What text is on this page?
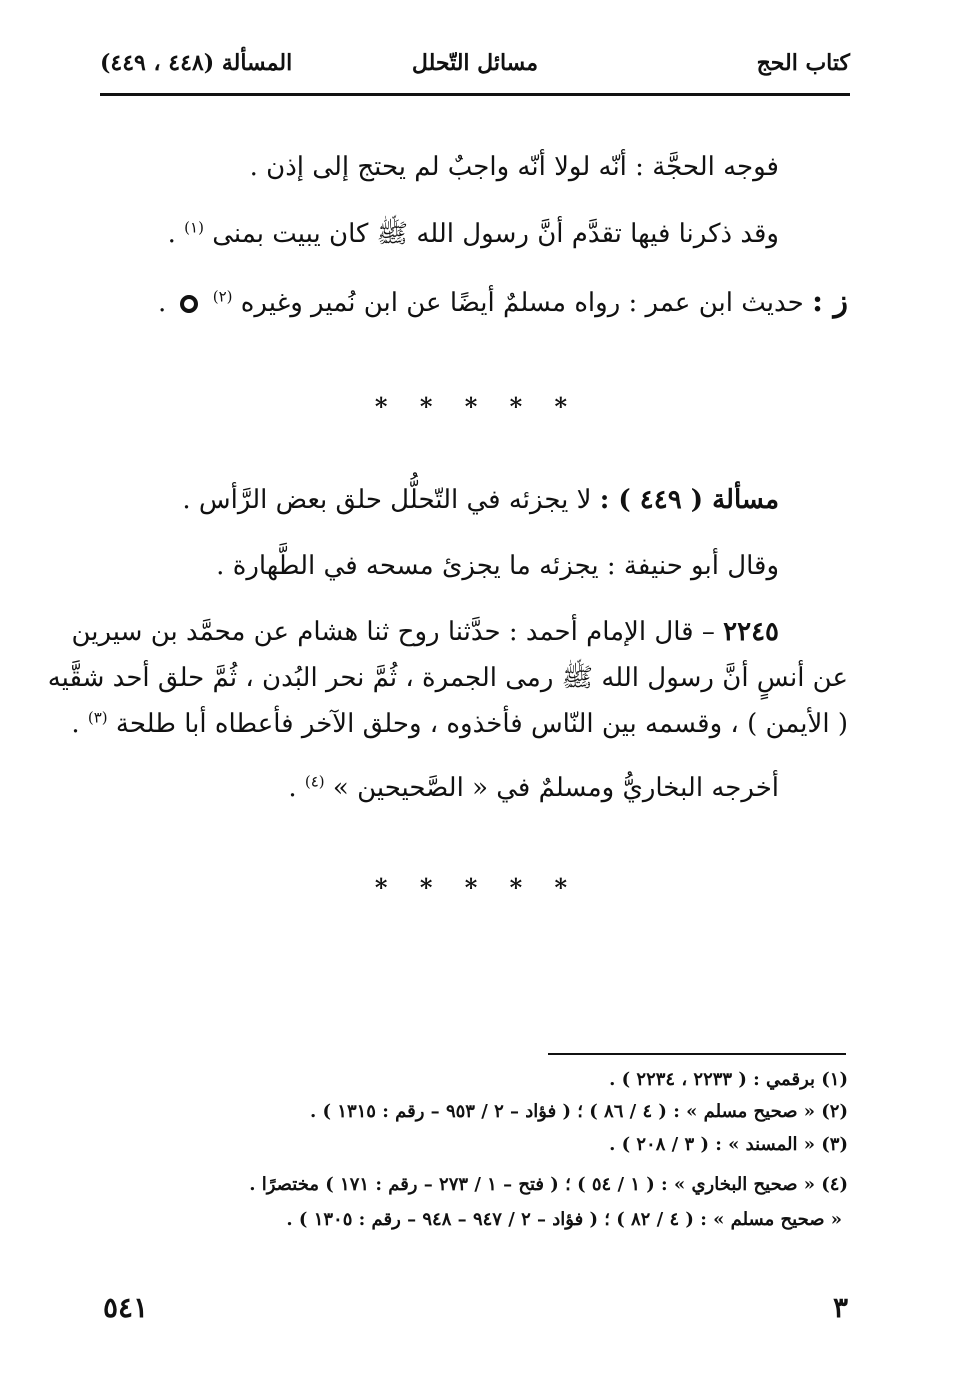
كتاب الحج
مسائل التّحلل
المسألة (٤٤٨ ، ٤٤٩)
فوجه الحجَّة : أنّه لولا أنّه واجبٌ لم يحتج إلى إذن .
وقد ذكرنا فيها تقدَّم أنَّ رسول الله ﷺ كان يبيت بمنى $^{(١)}$ .
ز : حديث ابن عمر : رواه مسلمٌ أيضًا عن ابن نُمير وغيره $^{(٢)}$  .
* * * * *
مسألة ( ٤٤٩ ) : لا يجزئه في التّحلُّل حلق بعض الرَّأس .
وقال أبو حنيفة : يجزئه ما يجزئ مسحه في الطَّهارة .
٢٢٤٥ – قال الإمام أحمد : حدَّثنا روح ثنا هشام عن محمَّد بن سيرين
عن أنسٍ أنَّ رسول الله ﷺ رمى الجمرة ، ثُمَّ نحر البُدن ، ثُمَّ حلق أحد شقَّيه
( الأيمن ) ، وقسمه بين النّاس فأخذوه ، وحلق الآخر فأعطاه أبا طلحة $^{(٣)}$ .
أخرجه البخاريُّ ومسلمٌ في « الصَّحيحين » $^{(٤)}$ .
* * * * *
(١) برقمي : ( ٢٢٣٣ ، ٢٢٣٤ ) .
(٢) « صحيح مسلم » : ( ٤ / ٨٦ ) ؛ ( فؤاد – ٢ / ٩٥٣ – رقم : ١٣١٥ ) .
(٣) « المسند » : ( ٣ / ٢٠٨ ) .
(٤) « صحيح البخاري » : ( ١ / ٥٤ ) ؛ ( فتح – ١ / ٢٧٣ – رقم : ١٧١ ) مختصرًا .
« صحيح مسلم » : ( ٤ / ٨٢ ) ؛ ( فؤاد – ٢ / ٩٤٧ – ٩٤٨ – رقم : ١٣٠٥ ) .
٥٤١	٣
